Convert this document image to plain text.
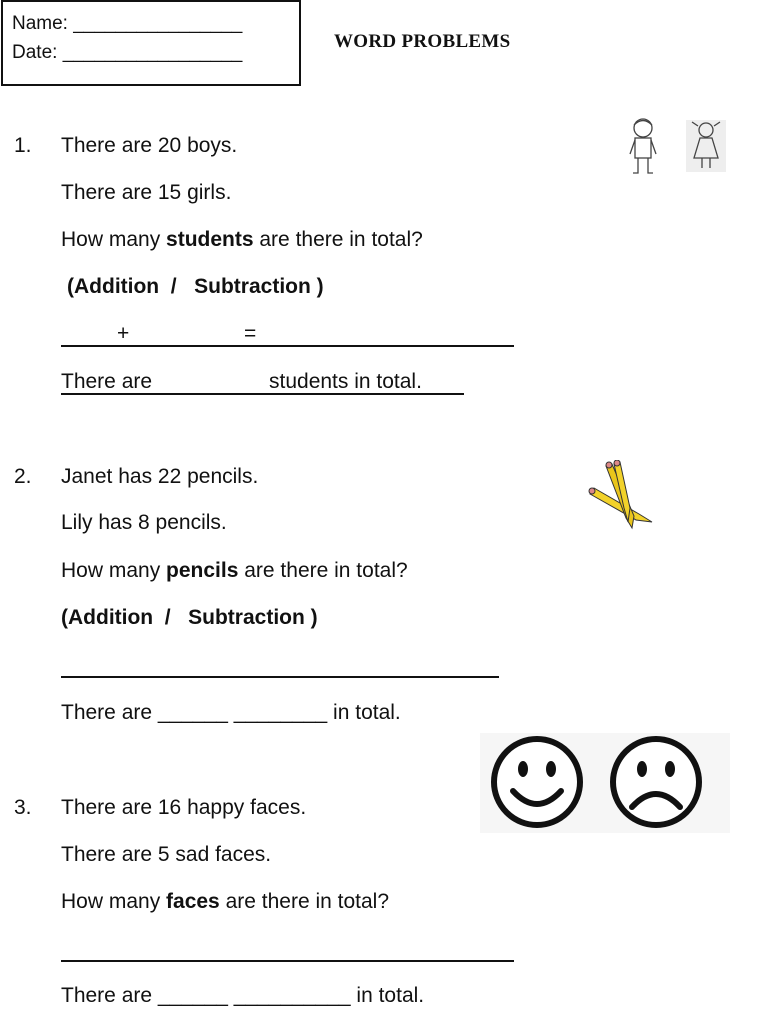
Name: ________________
Date: _________________
WORD PROBLEMS
1. There are 20 boys.
There are 15 girls.
How many students are there in total?
(Addition  /   Subtraction )
+	=
There are	students in total.
2. Janet has 22 pencils.
Lily has 8 pencils.
How many pencils are there in total?
(Addition  /   Subtraction )
There are ______ ________ in total.
3. There are 16 happy faces.
There are 5 sad faces.
How many faces are there in total?
There are ______ __________ in total.
